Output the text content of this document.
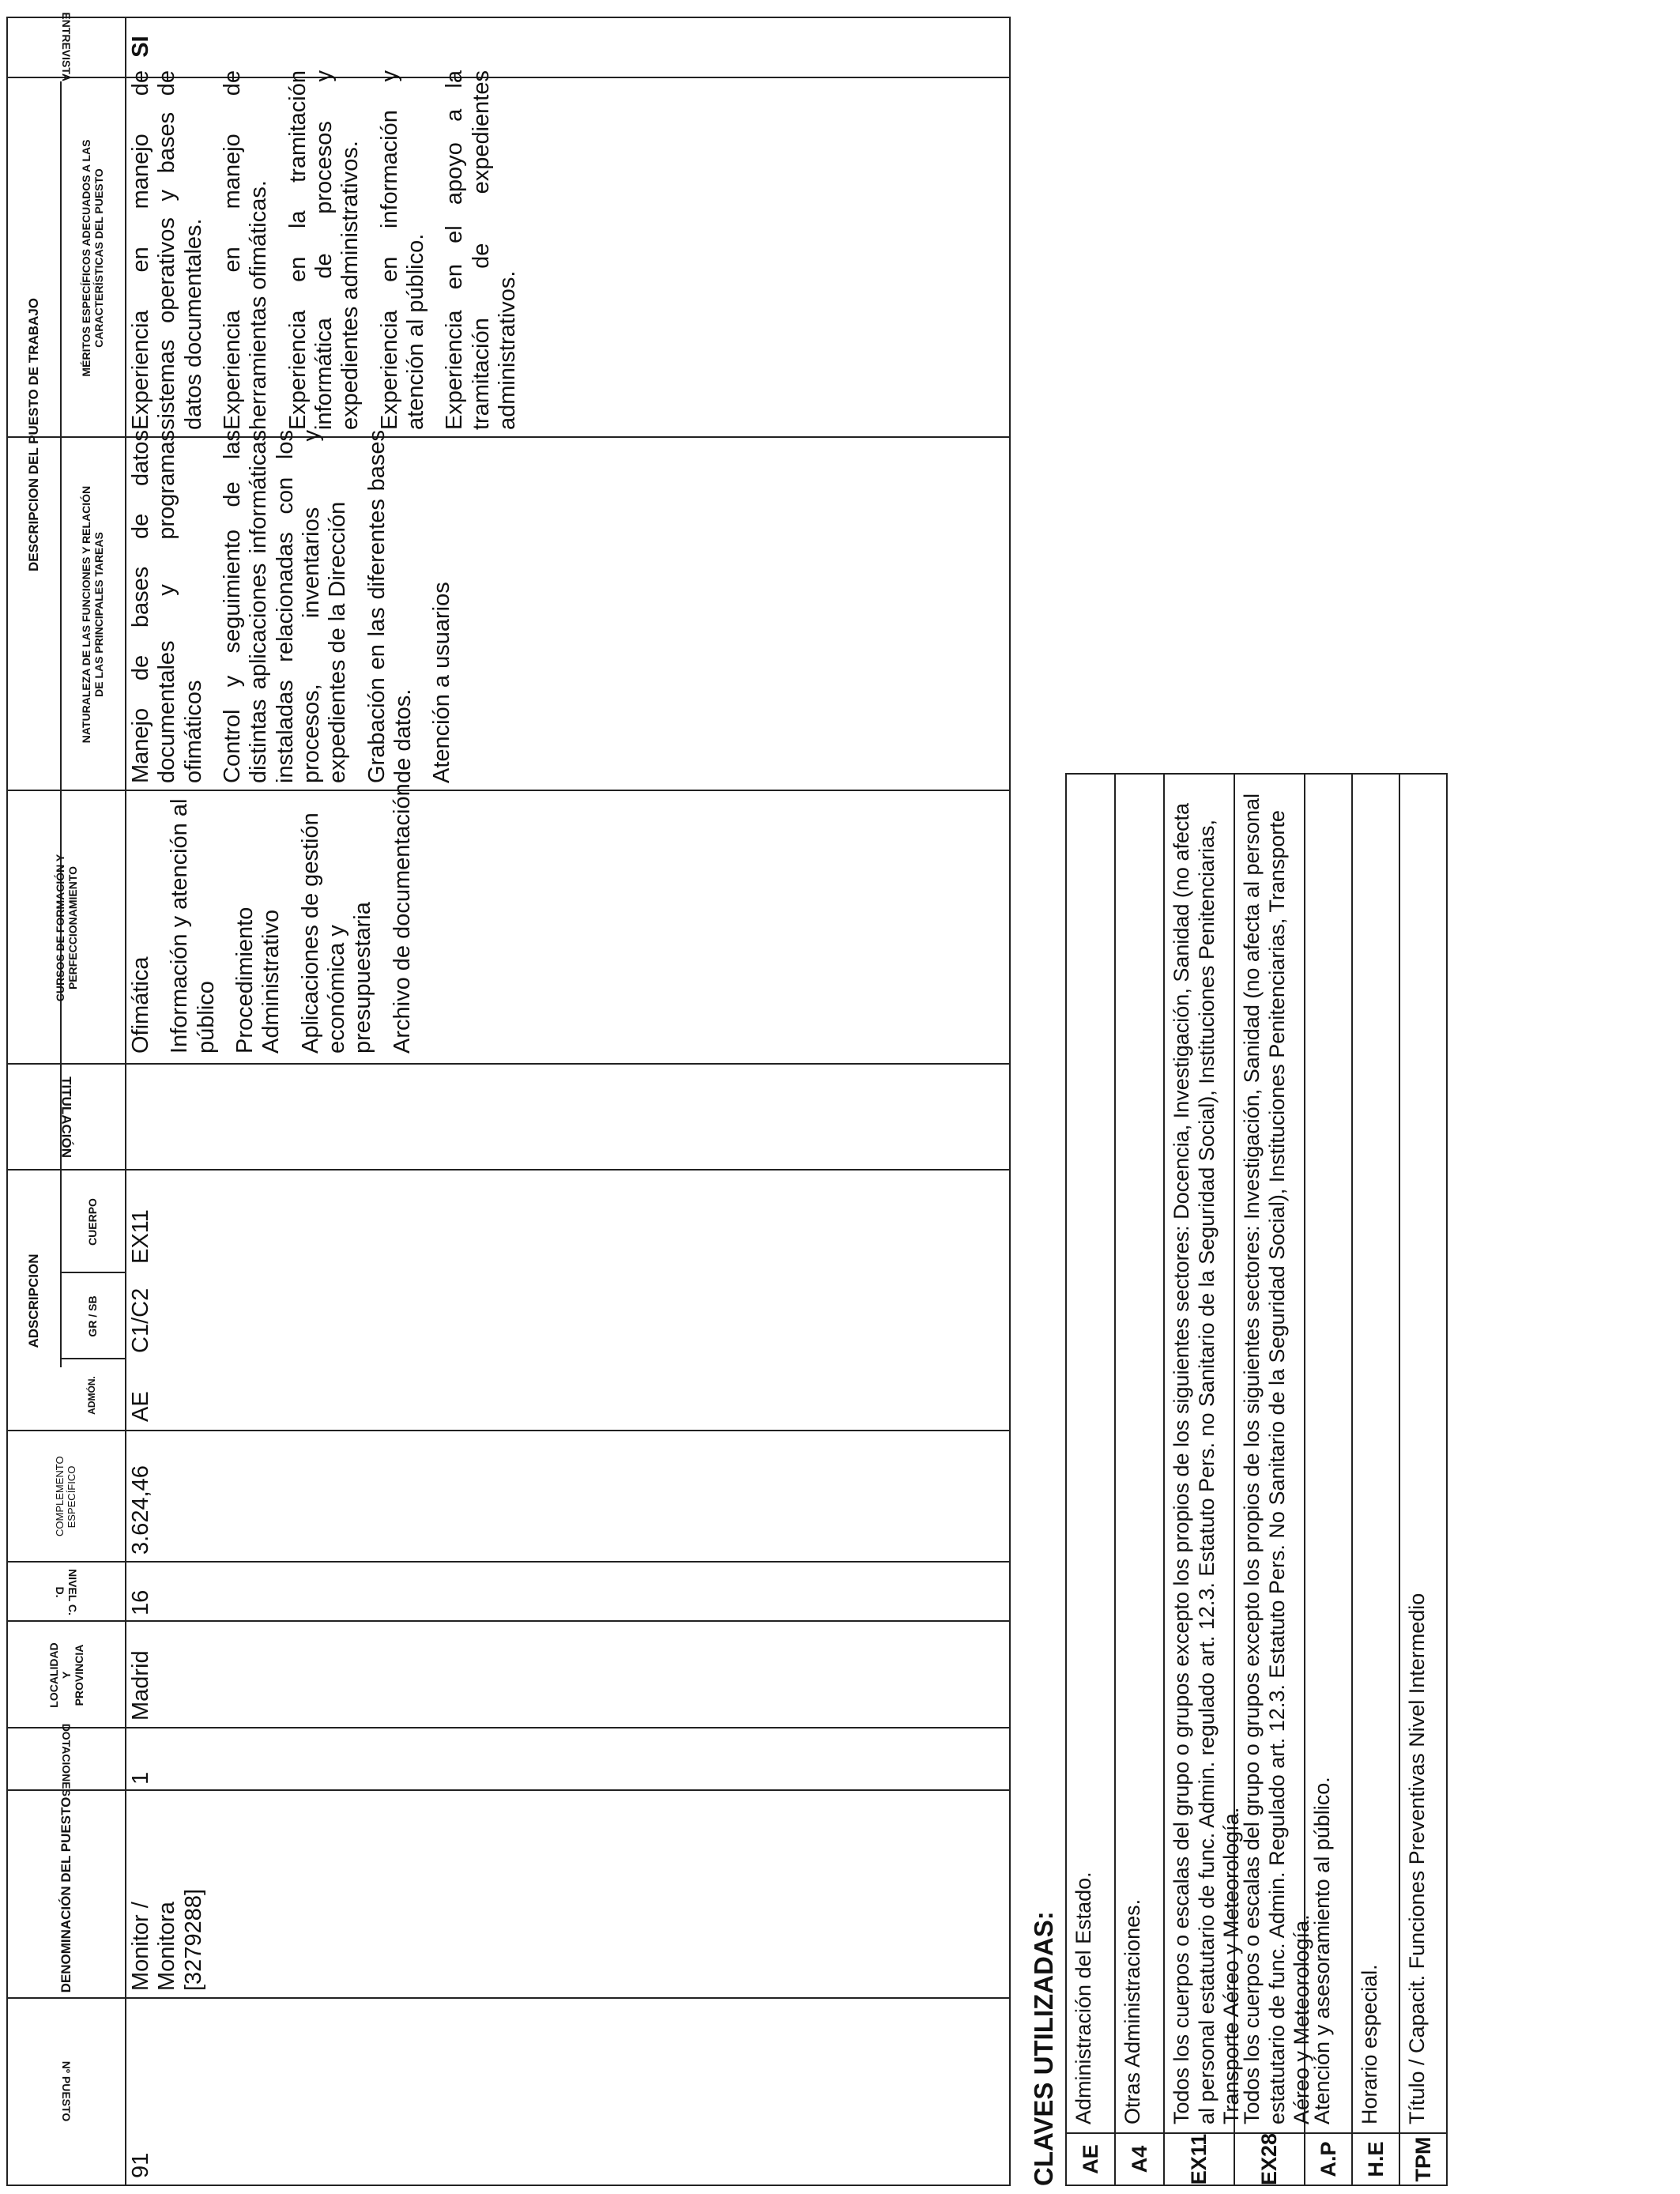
Nº PUESTO
DENOMINACIÓN DEL PUESTO
DOTACIONES
LOCALIDAD Y PROVINCIA
NIVEL C. D.
COMPLEMENTO ESPECÍFICO
ADSCRIPCION
ADMÓN.
GR / SB
CUERPO
TITULACIÓN
CURSOS DE FORMACIÓN Y PERFECCIONAMIENTO
DESCRIPCION DEL PUESTO DE TRABAJO
NATURALEZA DE LAS FUNCIONES Y RELACIÓN DE LAS PRINCIPALES TAREAS
MÉRITOS ESPECÍFICOS ADECUADOS A LAS CARACTERÍSTICAS DEL PUESTO
ENTREVISTA
91
Monitor / Monitora [3279288]
1
Madrid
16
3.624,46
AE
C1/C2
EX11

Ofimática Información y atención al público Procedimiento Administrativo Aplicaciones de gestión económica y presupuestaria Archivo de documentación

Manejo de bases de datos documentales y programas ofimáticos Control y seguimiento de las distintas aplicaciones informáticas instaladas relacionadas con los procesos, inventarios y expedientes de la Dirección Grabación en las diferentes bases de datos. Atención a usuarios

Experiencia en manejo de sistemas operativos y bases de datos documentales. Experiencia en manejo de herramientas ofimáticas. Experiencia en la tramitación informática de procesos y expedientes administrativos. Experiencia en información y atención al público. Experiencia en el apoyo a la tramitación de expedientes administrativos.

SI
CLAVES UTILIZADAS: AE
Administración del Estado.
A4
Otras Administraciones.
EX11
Todos los cuerpos o escalas del grupo o grupos excepto los propios de los siguientes sectores: Docencia, Investigación, Sanidad (no afecta al personal estatutario de func. Admin. regulado art. 12.3. Estatuto Pers. no Sanitario de la Seguridad Social), Instituciones Penitenciarias, Transporte Aéreo y Meteorología.
EX28
Todos los cuerpos o escalas del grupo o grupos excepto los propios de los siguientes sectores: Investigación, Sanidad (no afecta al personal estatutario de func. Admin. Regulado art. 12.3. Estatuto Pers. No Sanitario de la Seguridad Social), Instituciones Penitenciarias, Transporte Aéreo y Meteorología.
A.P
Atención y asesoramiento al público.
H.E
Horario especial.
TPM
Título / Capacit. Funciones Preventivas Nivel Intermedio
